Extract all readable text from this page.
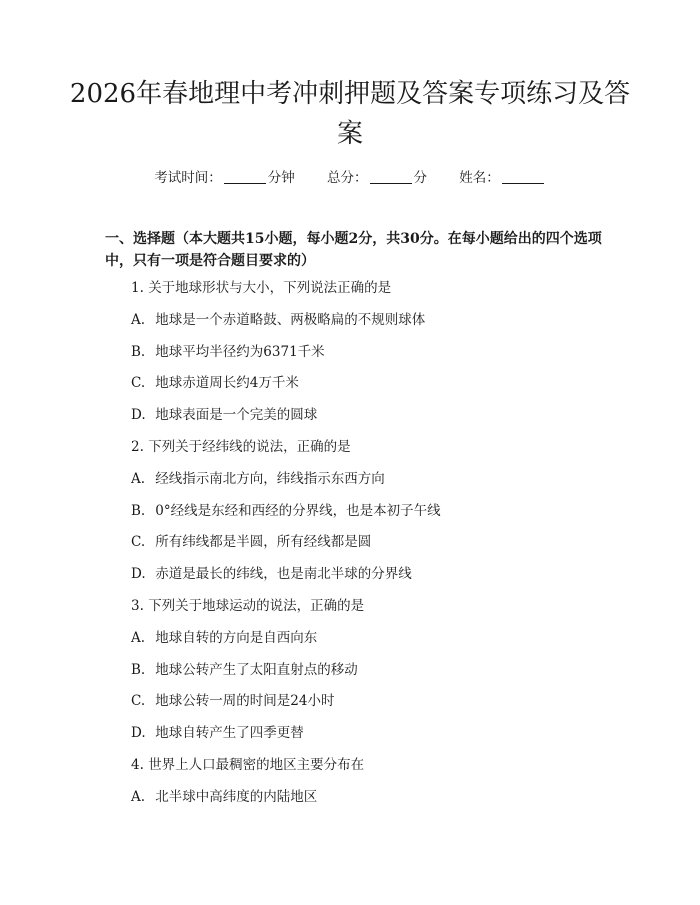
2026年春地理中考冲刺押题及答案专项练习及答案
考试时间：	分钟 总分：	分 姓名：

一、选择题（本大题共15小题，每小题2分，共30分。在每小题给出的四个选项中，只有一项是符合题目要求的）

1. 关于地球形状与大小，下列说法正确的是
A. 地球是一个赤道略鼓、两极略扁的不规则球体
B. 地球平均半径约为6371千米
C. 地球赤道周长约4万千米
D. 地球表面是一个完美的圆球
2. 下列关于经纬线的说法，正确的是
A. 经线指示南北方向，纬线指示东西方向
B. 0°经线是东经和西经的分界线，也是本初子午线
C. 所有纬线都是半圆，所有经线都是圆
D. 赤道是最长的纬线，也是南北半球的分界线
3. 下列关于地球运动的说法，正确的是
A. 地球自转的方向是自西向东
B. 地球公转产生了太阳直射点的移动
C. 地球公转一周的时间是24小时
D. 地球自转产生了四季更替
4. 世界上人口最稠密的地区主要分布在
A. 北半球中高纬度的内陆地区
